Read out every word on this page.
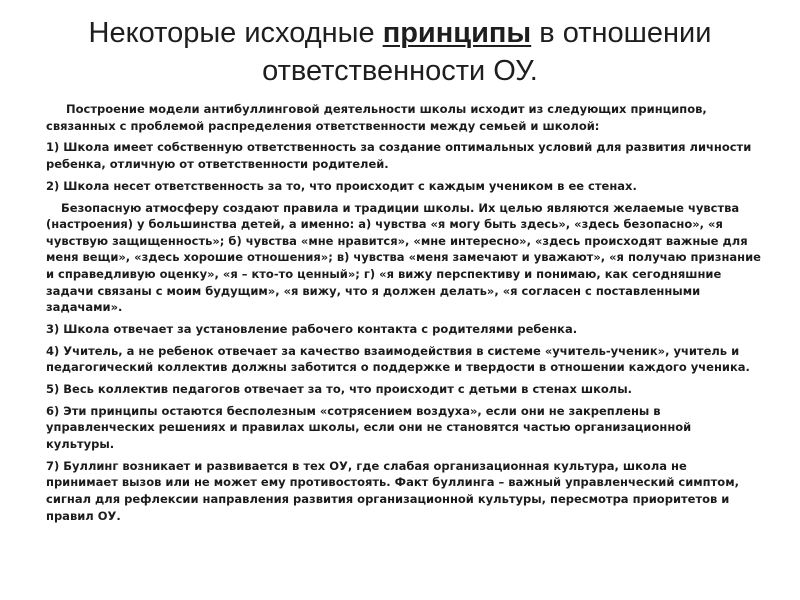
Некоторые исходные принципы в отношении ответственности ОУ.

Построение модели антибуллинговой деятельности школы исходит из следующих принципов, связанных с проблемой распределения ответственности между семьей и школой:

1) Школа имеет собственную ответственность за создание оптимальных условий для развития личности ребенка, отличную от ответственности родителей.

2) Школа несет ответственность за то, что происходит с каждым учеником в ее стенах.

Безопасную атмосферу создают правила и традиции школы. Их целью являются желаемые чувства (настроения) у большинства детей, а именно: а) чувства «я могу быть здесь», «здесь безопасно», «я чувствую защищенность»; б) чувства «мне нравится», «мне интересно», «здесь происходят важные для меня вещи», «здесь хорошие отношения»; в) чувства «меня замечают и уважают», «я получаю признание и справедливую оценку», «я – кто-то ценный»; г) «я вижу перспективу и понимаю, как сегодняшние задачи связаны с моим будущим», «я вижу, что я должен делать», «я согласен с поставленными задачами».

3) Школа отвечает за установление рабочего контакта с родителями ребенка.

4) Учитель, а не ребенок отвечает за качество взаимодействия в системе «учитель-ученик», учитель и педагогический коллектив должны заботится о поддержке и твердости в отношении каждого ученика.

5) Весь коллектив педагогов отвечает за то, что происходит с детьми в стенах школы.

6) Эти принципы остаются бесполезным «сотрясением воздуха», если они не закреплены в управленческих решениях и правилах школы, если они не становятся частью организационной культуры.

7) Буллинг возникает и развивается в тех ОУ, где слабая организационная культура, школа не принимает вызов или не может ему противостоять. Факт буллинга – важный управленческий симптом, сигнал для рефлексии направления развития организационной культуры, пересмотра приоритетов и правил ОУ.
